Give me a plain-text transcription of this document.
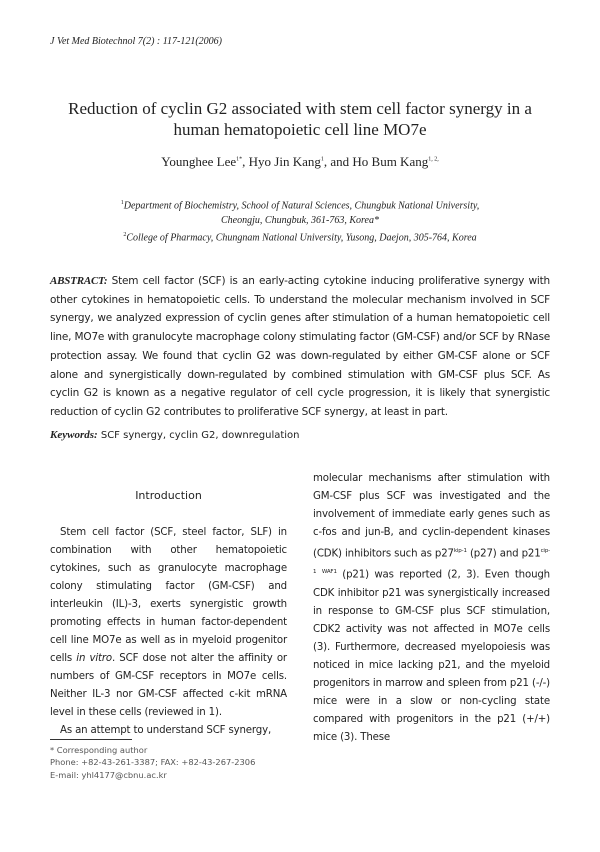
J Vet Med Biotechnol 7(2) : 117-121(2006)
Reduction of cyclin G2 associated with stem cell factor synergy in a
human hematopoietic cell line MO7e
Younghee Lee$^{1*}$, Hyo Jin Kang$^1$, and Ho Bum Kang$^{1, 2,}$
$^1$Department of Biochemistry, School of Natural Sciences, Chungbuk National University,
Cheongju, Chungbuk, 361-763, Korea*
$^2$College of Pharmacy, Chungnam National University, Yusong, Daejon, 305-764, Korea
ABSTRACT: Stem cell factor (SCF) is an early-acting cytokine inducing proliferative synergy with other cytokines in hematopoietic cells. To understand the molecular mechanism involved in SCF synergy, we analyzed expression of cyclin genes after stimulation of a human hematopoietic cell line, MO7e with granulocyte macrophage colony stimulating factor (GM-CSF) and/or SCF by RNase protection assay. We found that cyclin G2 was down-regulated by either GM-CSF alone or SCF alone and synergistically down-regulated by combined stimulation with GM-CSF plus SCF. As cyclin G2 is known as a negative regulator of cell cycle progression, it is likely that synergistic reduction of cyclin G2 contributes to proliferative SCF synergy, at least in part.
Keywords: SCF synergy, cyclin G2, downregulation
Introduction
Stem cell factor (SCF, steel factor, SLF) in combination with other hematopoietic cytokines, such as granulocyte macrophage colony stimulating factor (GM-CSF) and interleukin (IL)-3, exerts synergistic growth promoting effects in human factor-dependent cell line MO7e as well as in myeloid progenitor cells in vitro. SCF dose not alter the affinity or numbers of GM-CSF receptors in MO7e cells. Neither IL-3 nor GM-CSF affected c-kit mRNA level in these cells (reviewed in 1).
As an attempt to understand SCF synergy,
molecular mechanisms after stimulation with GM-CSF plus SCF was investigated and the involvement of immediate early genes such as c-fos and jun-B, and cyclin-dependent kinases (CDK) inhibitors such as $p27^{kip-1}$ (p27) and $p21^{cip-1}$ $^{WAF1}$ (p21) was reported (2, 3). Even though CDK inhibitor p21 was synergistically increased in response to GM-CSF plus SCF stimulation, CDK2 activity was not affected in MO7e cells (3). Furthermore, decreased myelopoiesis was noticed in mice lacking p21, and the myeloid progenitors in marrow and spleen from p21 (-/-) mice were in a slow or non-cycling state compared with progenitors in the p21 (+/+) mice (3). These
* Corresponding author
Phone: +82-43-261-3387; FAX: +82-43-267-2306
E-mail: yhl4177@cbnu.ac.kr
